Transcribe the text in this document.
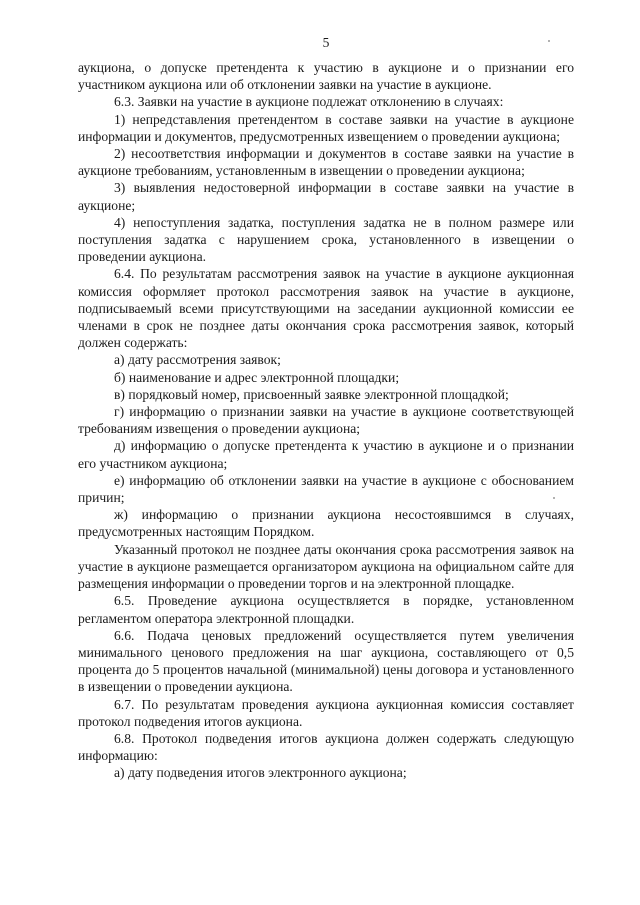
5

аукциона, о допуске претендента к участию в аукционе и о признании его участником аукциона или об отклонении заявки на участие в аукционе.

6.3. Заявки на участие в аукционе подлежат отклонению в случаях:

1) непредставления претендентом в составе заявки на участие в аукционе информации и документов, предусмотренных извещением о проведении аукциона;

2) несоответствия информации и документов в составе заявки на участие в аукционе требованиям, установленным в извещении о проведении аукциона;

3) выявления недостоверной информации в составе заявки на участие в аукционе;

4) непоступления задатка, поступления задатка не в полном размере или поступления задатка с нарушением срока, установленного в извещении о проведении аукциона.

6.4. По результатам рассмотрения заявок на участие в аукционе аукционная комиссия оформляет протокол рассмотрения заявок на участие в аукционе, подписываемый всеми присутствующими на заседании аукционной комиссии ее членами в срок не позднее даты окончания срока рассмотрения заявок, который должен содержать:

а) дату рассмотрения заявок;

б) наименование и адрес электронной площадки;

в) порядковый номер, присвоенный заявке электронной площадкой;

г) информацию о признании заявки на участие в аукционе соответствующей требованиям извещения о проведении аукциона;

д) информацию о допуске претендента к участию в аукционе и о признании его участником аукциона;

е) информацию об отклонении заявки на участие в аукционе с обоснованием причин;

ж) информацию о признании аукциона несостоявшимся в случаях, предусмотренных настоящим Порядком.

Указанный протокол не позднее даты окончания срока рассмотрения заявок на участие в аукционе размещается организатором аукциона на официальном сайте для размещения информации о проведении торгов и на электронной площадке.

6.5. Проведение аукциона осуществляется в порядке, установленном регламентом оператора электронной площадки.

6.6. Подача ценовых предложений осуществляется путем увеличения минимального ценового предложения на шаг аукциона, составляющего от 0,5 процента до 5 процентов начальной (минимальной) цены договора и установленного в извещении о проведении аукциона.

6.7. По результатам проведения аукциона аукционная комиссия составляет протокол подведения итогов аукциона.

6.8. Протокол подведения итогов аукциона должен содержать следующую информацию:

а) дату подведения итогов электронного аукциона;
